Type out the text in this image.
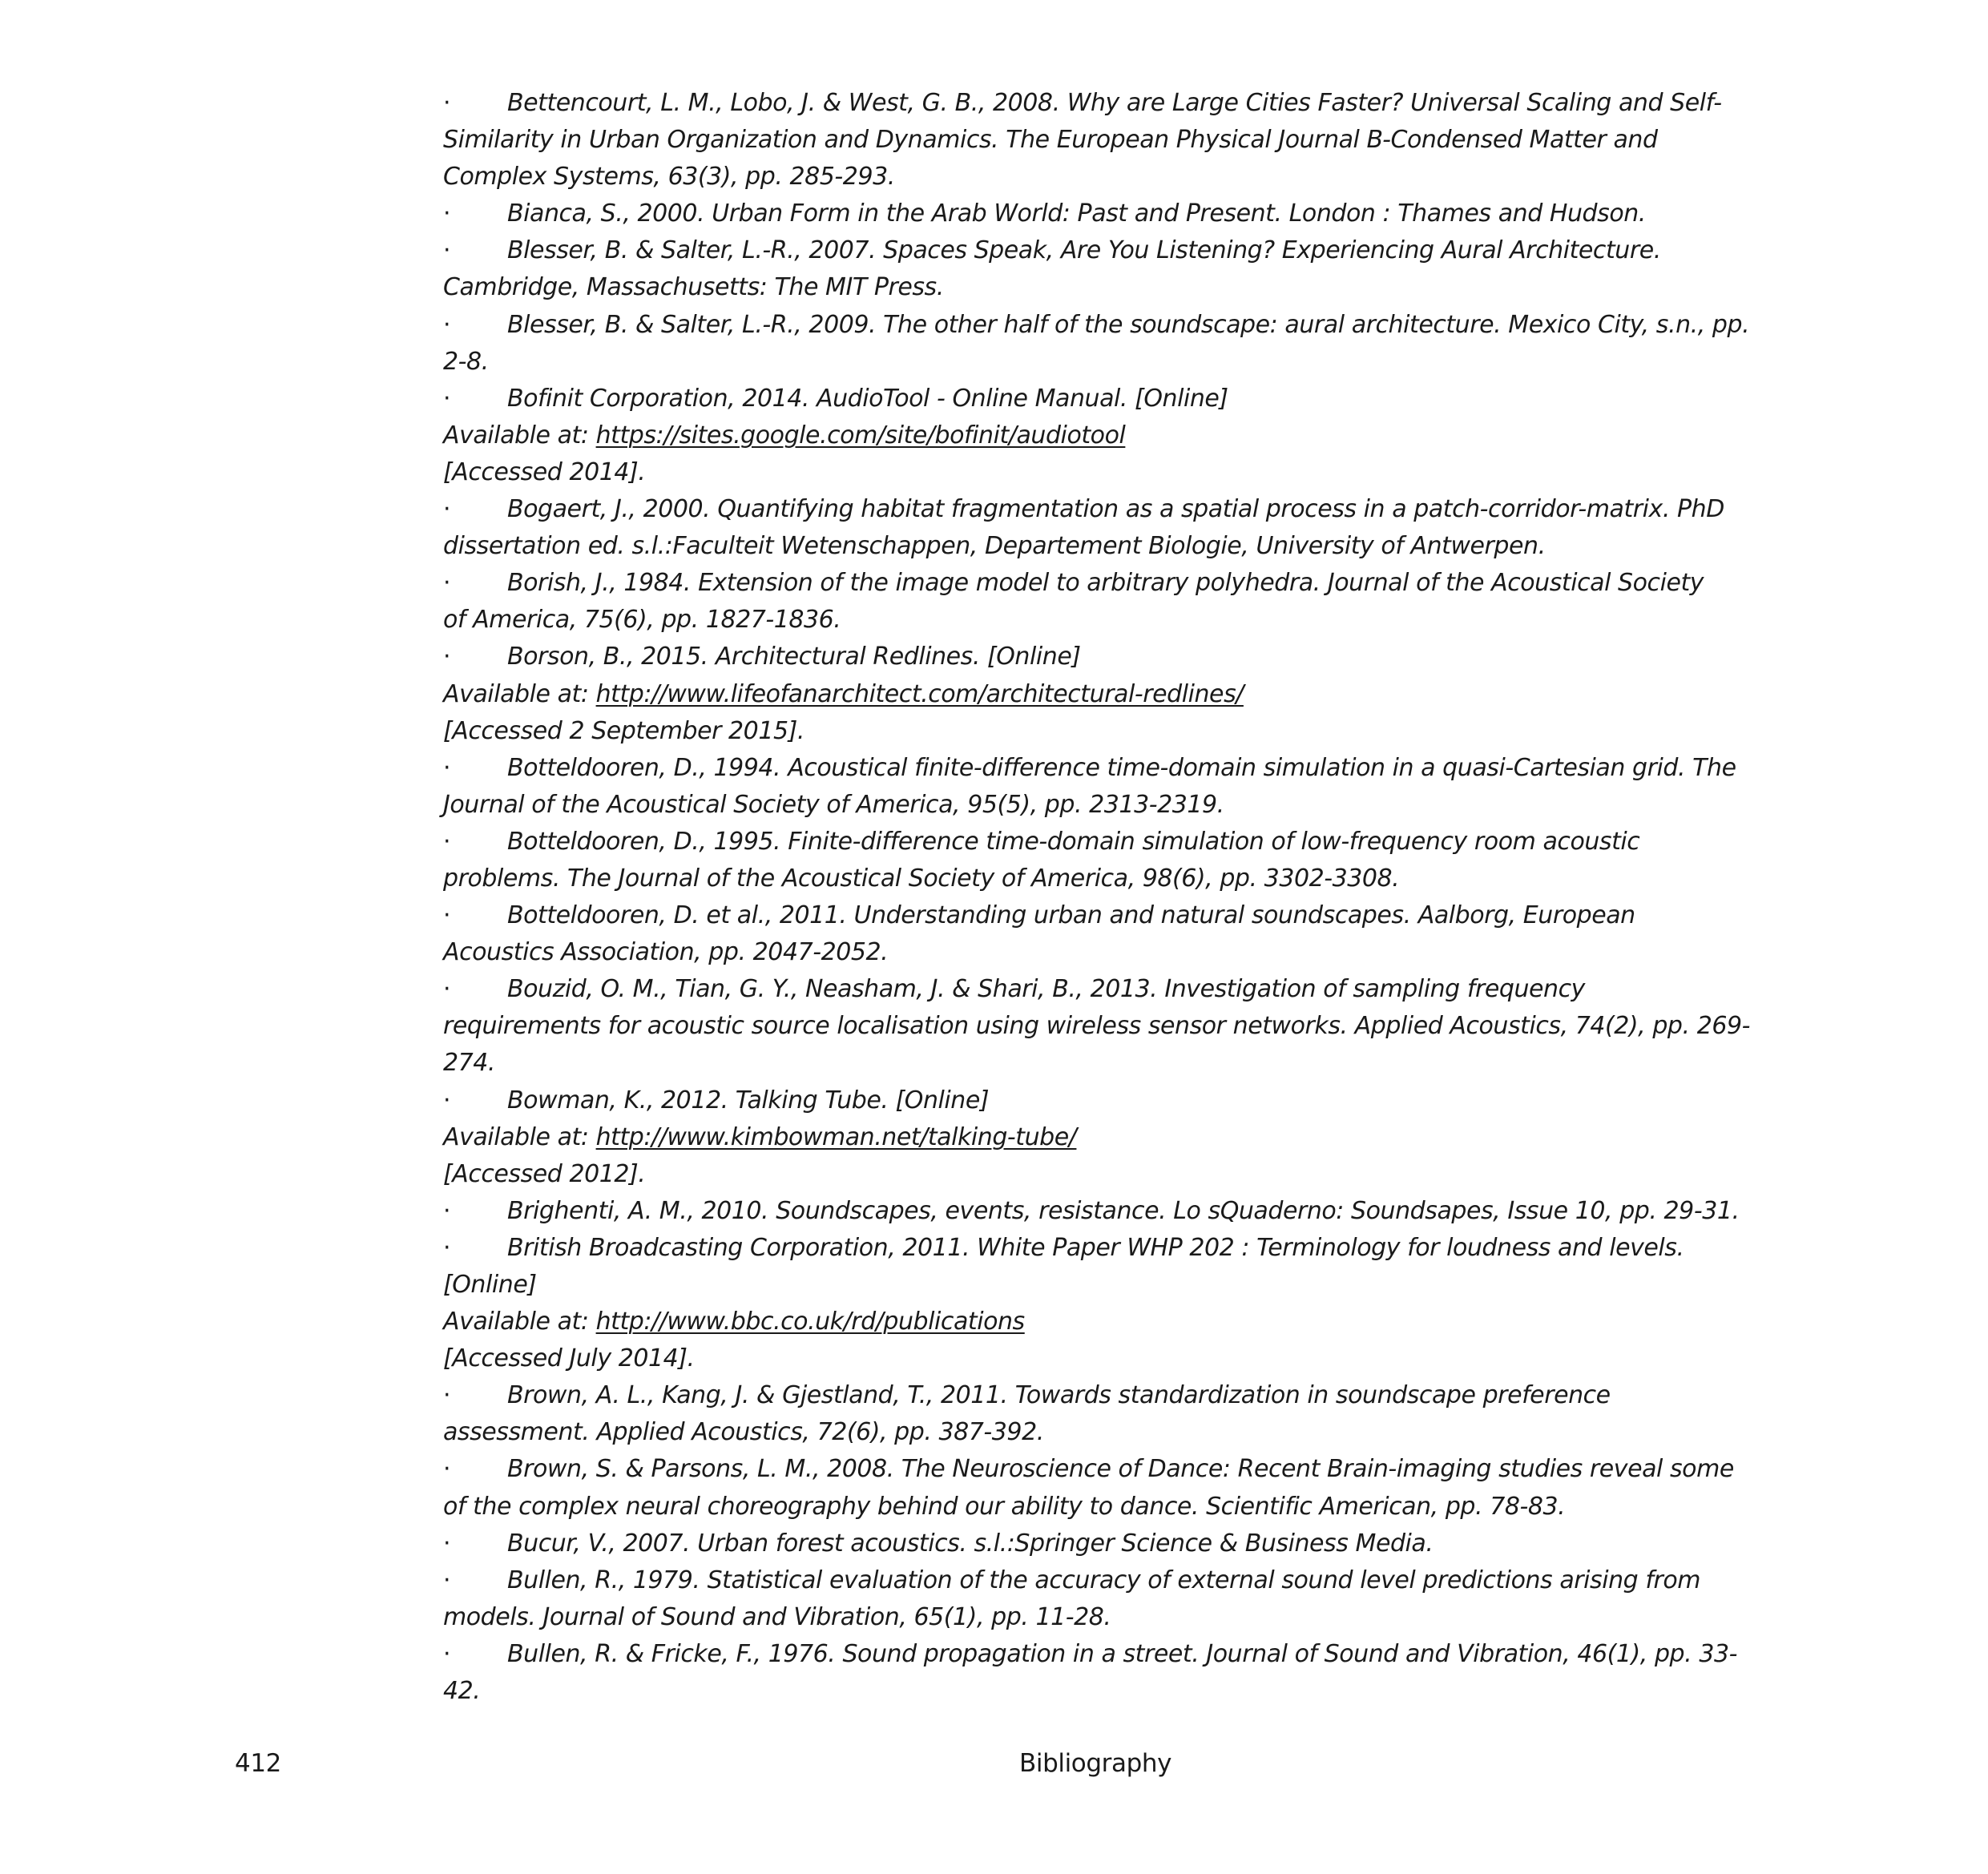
· Bettencourt, L. M., Lobo, J. & West, G. B., 2008. Why are Large Cities Faster? Universal Scaling and Self-
Similarity in Urban Organization and Dynamics. The European Physical Journal B-Condensed Matter and
Complex Systems, 63(3), pp. 285-293.
· Bianca, S., 2000. Urban Form in the Arab World: Past and Present. London : Thames and Hudson.
· Blesser, B. & Salter, L.-R., 2007. Spaces Speak, Are You Listening? Experiencing Aural Architecture.
Cambridge, Massachusetts: The MIT Press.
· Blesser, B. & Salter, L.-R., 2009. The other half of the soundscape: aural architecture. Mexico City, s.n., pp.
2-8.
· Bofinit Corporation, 2014. AudioTool - Online Manual. [Online]
Available at: https://sites.google.com/site/bofinit/audiotool
[Accessed 2014].
· Bogaert, J., 2000. Quantifying habitat fragmentation as a spatial process in a patch-corridor-matrix. PhD
dissertation ed. s.l.:Faculteit Wetenschappen, Departement Biologie, University of Antwerpen.
· Borish, J., 1984. Extension of the image model to arbitrary polyhedra. Journal of the Acoustical Society
of America, 75(6), pp. 1827-1836.
· Borson, B., 2015. Architectural Redlines. [Online]
Available at: http://www.lifeofanarchitect.com/architectural-redlines/
[Accessed 2 September 2015].
· Botteldooren, D., 1994. Acoustical finite-difference time-domain simulation in a quasi-Cartesian grid. The
Journal of the Acoustical Society of America, 95(5), pp. 2313-2319.
· Botteldooren, D., 1995. Finite-difference time-domain simulation of low-frequency room acoustic
problems. The Journal of the Acoustical Society of America, 98(6), pp. 3302-3308.
· Botteldooren, D. et al., 2011. Understanding urban and natural soundscapes. Aalborg, European
Acoustics Association, pp. 2047-2052.
· Bouzid, O. M., Tian, G. Y., Neasham, J. & Shari, B., 2013. Investigation of sampling frequency
requirements for acoustic source localisation using wireless sensor networks. Applied Acoustics, 74(2), pp. 269-
274.
· Bowman, K., 2012. Talking Tube. [Online]
Available at: http://www.kimbowman.net/talking-tube/
[Accessed 2012].
· Brighenti, A. M., 2010. Soundscapes, events, resistance. Lo sQuaderno: Soundsapes, Issue 10, pp. 29-31.
· British Broadcasting Corporation, 2011. White Paper WHP 202 : Terminology for loudness and levels.
[Online]
Available at: http://www.bbc.co.uk/rd/publications
[Accessed July 2014].
· Brown, A. L., Kang, J. & Gjestland, T., 2011. Towards standardization in soundscape preference
assessment. Applied Acoustics, 72(6), pp. 387-392.
· Brown, S. & Parsons, L. M., 2008. The Neuroscience of Dance: Recent Brain-imaging studies reveal some
of the complex neural choreography behind our ability to dance. Scientific American, pp. 78-83.
· Bucur, V., 2007. Urban forest acoustics. s.l.:Springer Science & Business Media.
· Bullen, R., 1979. Statistical evaluation of the accuracy of external sound level predictions arising from
models. Journal of Sound and Vibration, 65(1), pp. 11-28.
· Bullen, R. & Fricke, F., 1976. Sound propagation in a street. Journal of Sound and Vibration, 46(1), pp. 33-
42.
412	Bibliography
